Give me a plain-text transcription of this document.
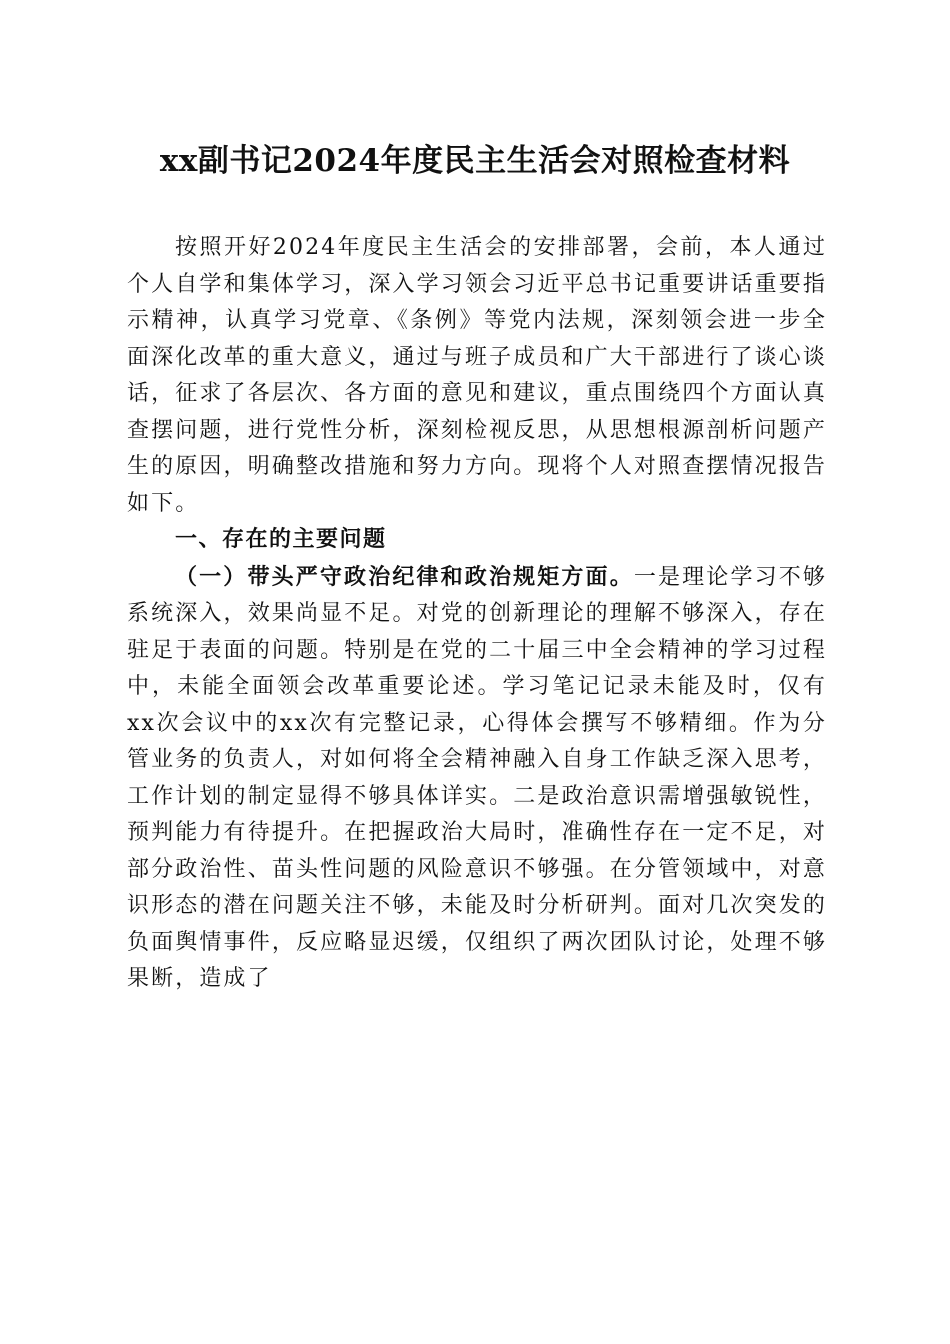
xx副书记2024年度民主生活会对照检查材料

按照开好2024年度民主生活会的安排部署，会前，本人通过个人自学和集体学习，深入学习领会习近平总书记重要讲话重要指示精神，认真学习党章、《条例》等党内法规，深刻领会进一步全面深化改革的重大意义，通过与班子成员和广大干部进行了谈心谈话，征求了各层次、各方面的意见和建议，重点围绕四个方面认真查摆问题，进行党性分析，深刻检视反思，从思想根源剖析问题产生的原因，明确整改措施和努力方向。现将个人对照查摆情况报告如下。

一、存在的主要问题

（一）带头严守政治纪律和政治规矩方面。一是理论学习不够系统深入，效果尚显不足。对党的创新理论的理解不够深入，存在驻足于表面的问题。特别是在党的二十届三中全会精神的学习过程中，未能全面领会改革重要论述。学习笔记记录未能及时，仅有xx次会议中的xx次有完整记录，心得体会撰写不够精细。作为分管业务的负责人，对如何将全会精神融入自身工作缺乏深入思考，工作计划的制定显得不够具体详实。二是政治意识需增强敏锐性，预判能力有待提升。在把握政治大局时，准确性存在一定不足，对部分政治性、苗头性问题的风险意识不够强。在分管领域中，对意识形态的潜在问题关注不够，未能及时分析研判。面对几次突发的负面舆情事件，反应略显迟缓，仅组织了两次团队讨论，处理不够果断，造成了
